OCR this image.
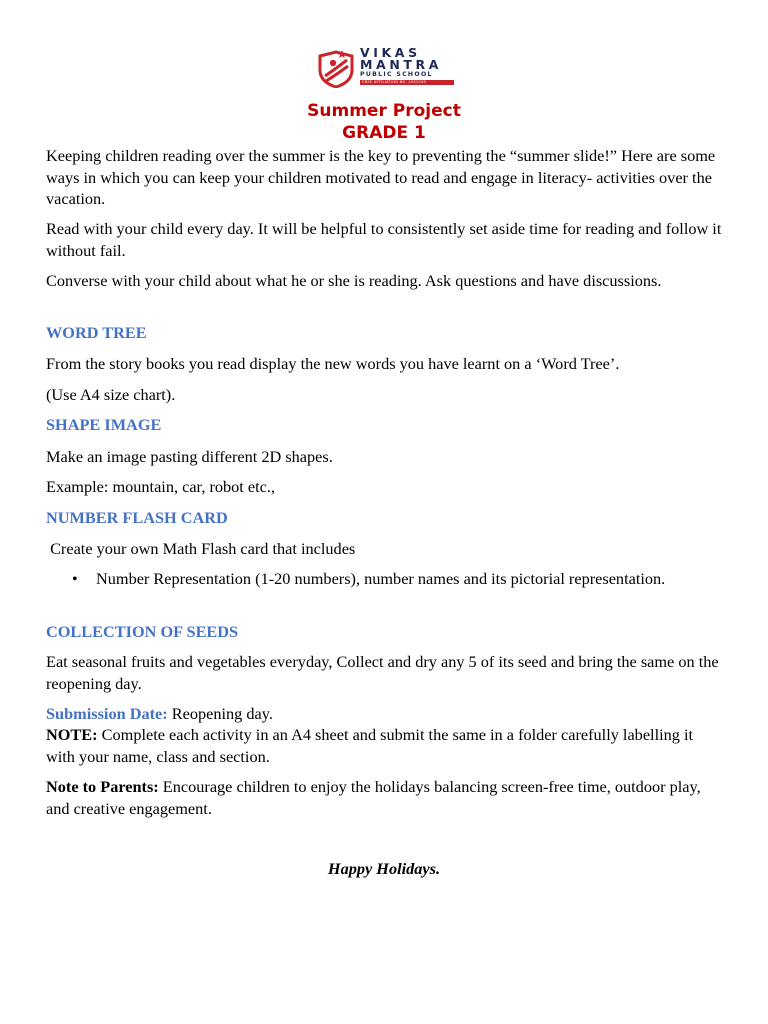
VIKAS
MANTRA
PUBLIC SCHOOL
CBSE AFFILIATION NO. 1931049
Summer Project
GRADE 1

Keeping children reading over the summer is the key to preventing the “summer slide!” Here are some ways in which you can keep your children motivated to read and engage in literacy- activities over the vacation.

Read with your child every day. It will be helpful to consistently set aside time for reading and follow it without fail.

Converse with your child about what he or she is reading. Ask questions and have discussions.

WORD TREE

From the story books you read display the new words you have learnt on a ‘Word Tree’.

(Use A4 size chart).

SHAPE IMAGE

Make an image pasting different 2D shapes.

Example: mountain, car, robot etc.,

NUMBER FLASH CARD

Create your own Math Flash card that includes

• Number Representation (1-20 numbers), number names and its pictorial representation.

COLLECTION OF SEEDS

Eat seasonal fruits and vegetables everyday, Collect and dry any 5 of its seed and bring the same on the reopening day.

Submission Date: Reopening day.

NOTE: Complete each activity in an A4 sheet and submit the same in a folder carefully labelling it with your name, class and section.

Note to Parents: Encourage children to enjoy the holidays balancing screen-free time, outdoor play, and creative engagement.

Happy Holidays.
